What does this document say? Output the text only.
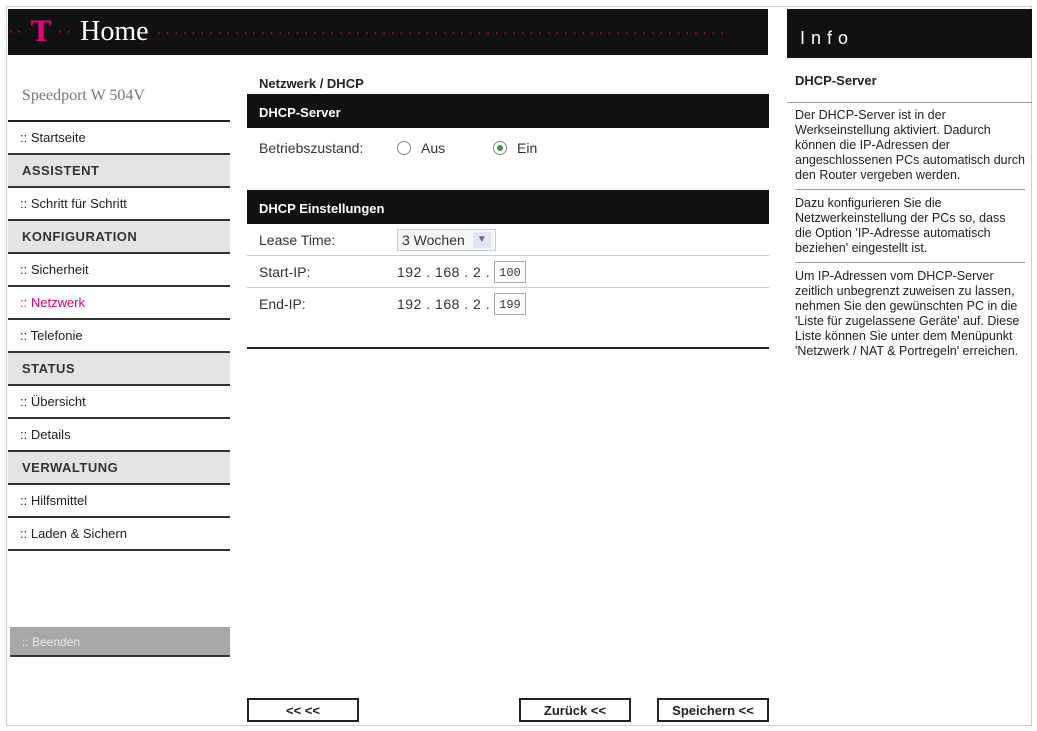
·· T ·· Home ··································································	Info
Speedport W 504V
:: Startseite
ASSISTENT
:: Schritt für Schritt
KONFIGURATION
:: Sicherheit
:: Netzwerk
:: Telefonie
STATUS
:: Übersicht
:: Details
VERWALTUNG
:: Hilfsmittel
:: Laden & Sichern
:: Beenden
Netzwerk / DHCP
DHCP-Server
Betriebszustand:	Aus	Ein
DHCP Einstellungen
Lease Time:	3 Wochen	▼
Start-IP:	192 . 168 . 2 . 100
End-IP:	192 . 168 . 2 . 199
<< <<	Zurück <<	Speichern <<
DHCP-Server

Der DHCP-Server ist in der Werkseinstellung aktiviert. Dadurch können die IP-Adressen der angeschlossenen PCs automatisch durch den Router vergeben werden.

Dazu konfigurieren Sie die Netzwerkeinstellung der PCs so, dass die Option 'IP-Adresse automatisch beziehen' eingestellt ist.

Um IP-Adressen vom DHCP-Server zeitlich unbegrenzt zuweisen zu lassen, nehmen Sie den gewünschten PC in die 'Liste für zugelassene Geräte' auf. Diese Liste können Sie unter dem Menüpunkt 'Netzwerk / NAT & Portregeln' erreichen.
